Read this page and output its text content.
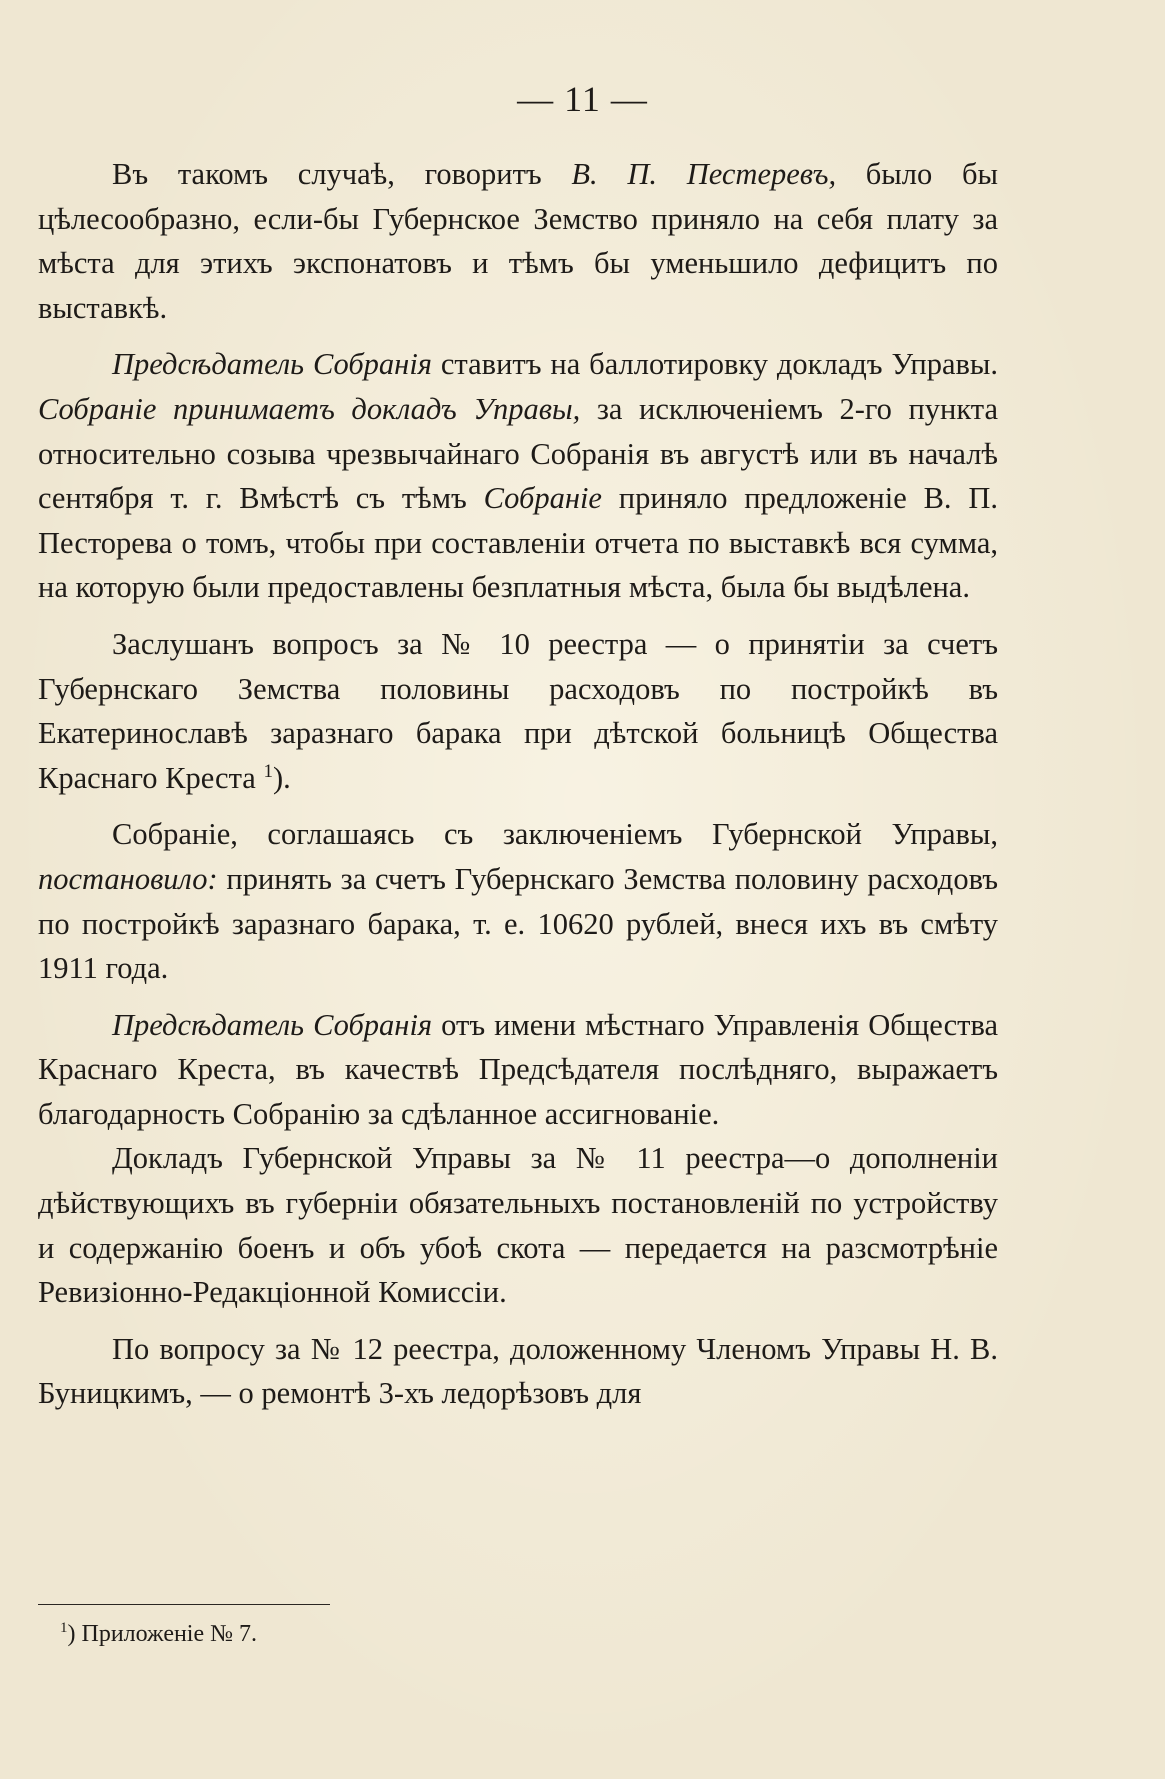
— 11 —

Въ такомъ случаѣ, говоритъ В. П. Пестеревъ, было бы цѣлесообразно, если-бы Губернское Земство приняло на себя плату за мѣста для этихъ экспонатовъ и тѣмъ бы уменьшило дефицитъ по выставкѣ.

Предсѣдатель Собранія ставитъ на баллотировку докладъ Управы. Собраніе принимаетъ докладъ Управы, за исключеніемъ 2-го пункта относительно созыва чрезвычайнаго Собранія въ августѣ или въ началѣ сентября т. г. Вмѣстѣ съ тѣмъ Собраніе приняло предложеніе В. П. Песторева о томъ, чтобы при составленіи отчета по выставкѣ вся сумма, на которую были предоставлены безплатныя мѣста, была бы выдѣлена.

Заслушанъ вопросъ за № 10 реестра — о принятіи за счетъ Губернскаго Земства половины расходовъ по постройкѣ въ Екатеринославѣ заразнаго барака при дѣтской больницѣ Общества Краснаго Креста $^1$).

Собраніе, соглашаясь съ заключеніемъ Губернской Управы, постановило: принять за счетъ Губернскаго Земства половину расходовъ по постройкѣ заразнаго барака, т. е. 10620 рублей, внеся ихъ въ смѣту 1911 года.

Предсѣдатель Собранія отъ имени мѣстнаго Управленія Общества Краснаго Креста, въ качествѣ Предсѣдателя послѣдняго, выражаетъ благодарность Собранію за сдѣланное ассигнованіе.

Докладъ Губернской Управы за № 11 реестра—о дополненіи дѣйствующихъ въ губерніи обязательныхъ постановленій по устройству и содержанію боенъ и объ убоѣ скота — передается на разсмотрѣніе Ревизіонно-Редакціонной Комиссіи.

По вопросу за № 12 реестра, доложенному Членомъ Управы Н. В. Буницкимъ, — о ремонтѣ 3-хъ ледорѣзовъ для

$^1$) Приложеніе № 7.
